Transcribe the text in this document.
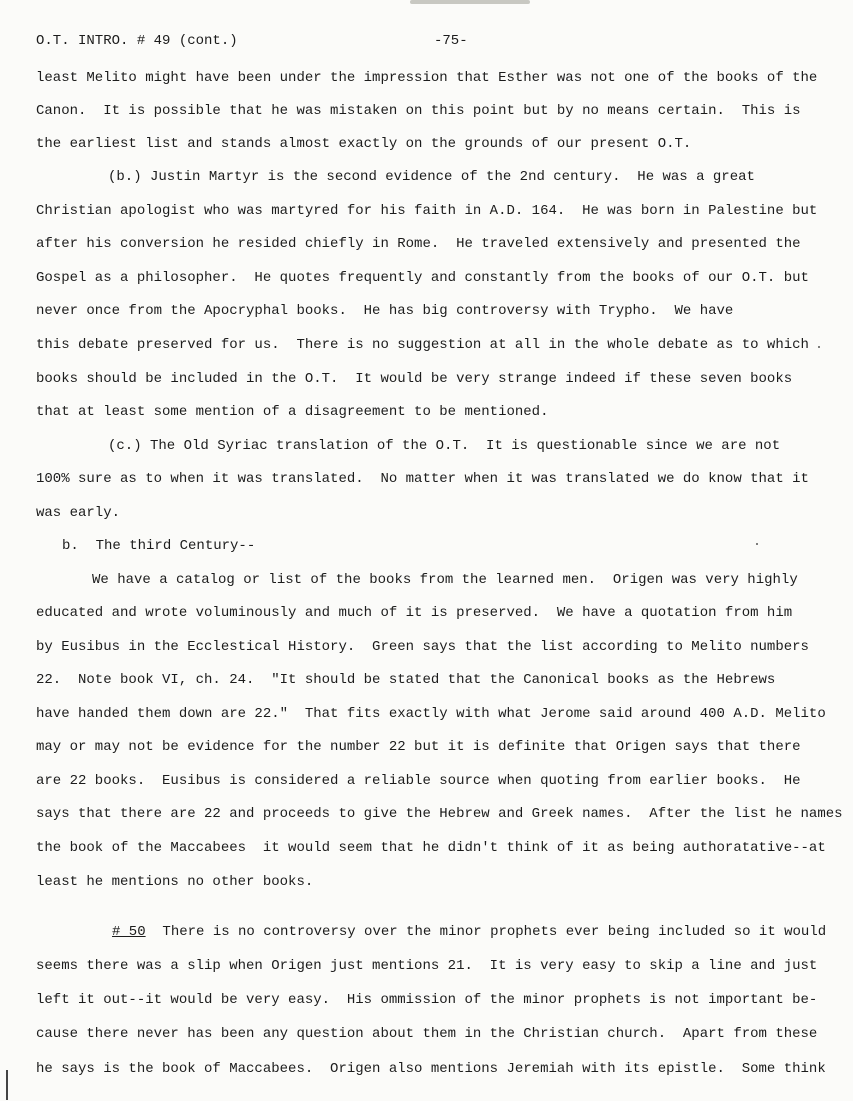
O.T. INTRO. # 49 (cont.)	-75-
least Melito might have been under the impression that Esther was not one of the books of the
Canon.  It is possible that he was mistaken on this point but by no means certain.  This is
the earliest list and stands almost exactly on the grounds of our present O.T.
(b.) Justin Martyr is the second evidence of the 2nd century.  He was a great
Christian apologist who was martyred for his faith in A.D. 164.  He was born in Palestine but
after his conversion he resided chiefly in Rome.  He traveled extensively and presented the
Gospel as a philosopher.  He quotes frequently and constantly from the books of our O.T. but
never once from the Apocryphal books.  He has big controversy with Trypho.  We have
this debate preserved for us.  There is no suggestion at all in the whole debate as to which
books should be included in the O.T.  It would be very strange indeed if these seven books
that at least some mention of a disagreement to be mentioned.
(c.) The Old Syriac translation of the O.T.  It is questionable since we are not
100% sure as to when it was translated.  No matter when it was translated we do know that it
was early.
b.  The third Century--
We have a catalog or list of the books from the learned men.  Origen was very highly
educated and wrote voluminously and much of it is preserved.  We have a quotation from him
by Eusibus in the Ecclestical History.  Green says that the list according to Melito numbers
22.  Note book VI, ch. 24.  "It should be stated that the Canonical books as the Hebrews
have handed them down are 22."  That fits exactly with what Jerome said around 400 A.D. Melito
may or may not be evidence for the number 22 but it is definite that Origen says that there
are 22 books.  Eusibus is considered a reliable source when quoting from earlier books.  He
says that there are 22 and proceeds to give the Hebrew and Greek names.  After the list he names
the book of the Maccabees  it would seem that he didn't think of it as being authoratative--at
least he mentions no other books.
# 50 There is no controversy over the minor prophets ever being included so it would
seems there was a slip when Origen just mentions 21.  It is very easy to skip a line and just
left it out--it would be very easy.  His ommission of the minor prophets is not important be-
cause there never has been any question about them in the Christian church.  Apart from these
he says is the book of Maccabees.  Origen also mentions Jeremiah with its epistle.  Some think
